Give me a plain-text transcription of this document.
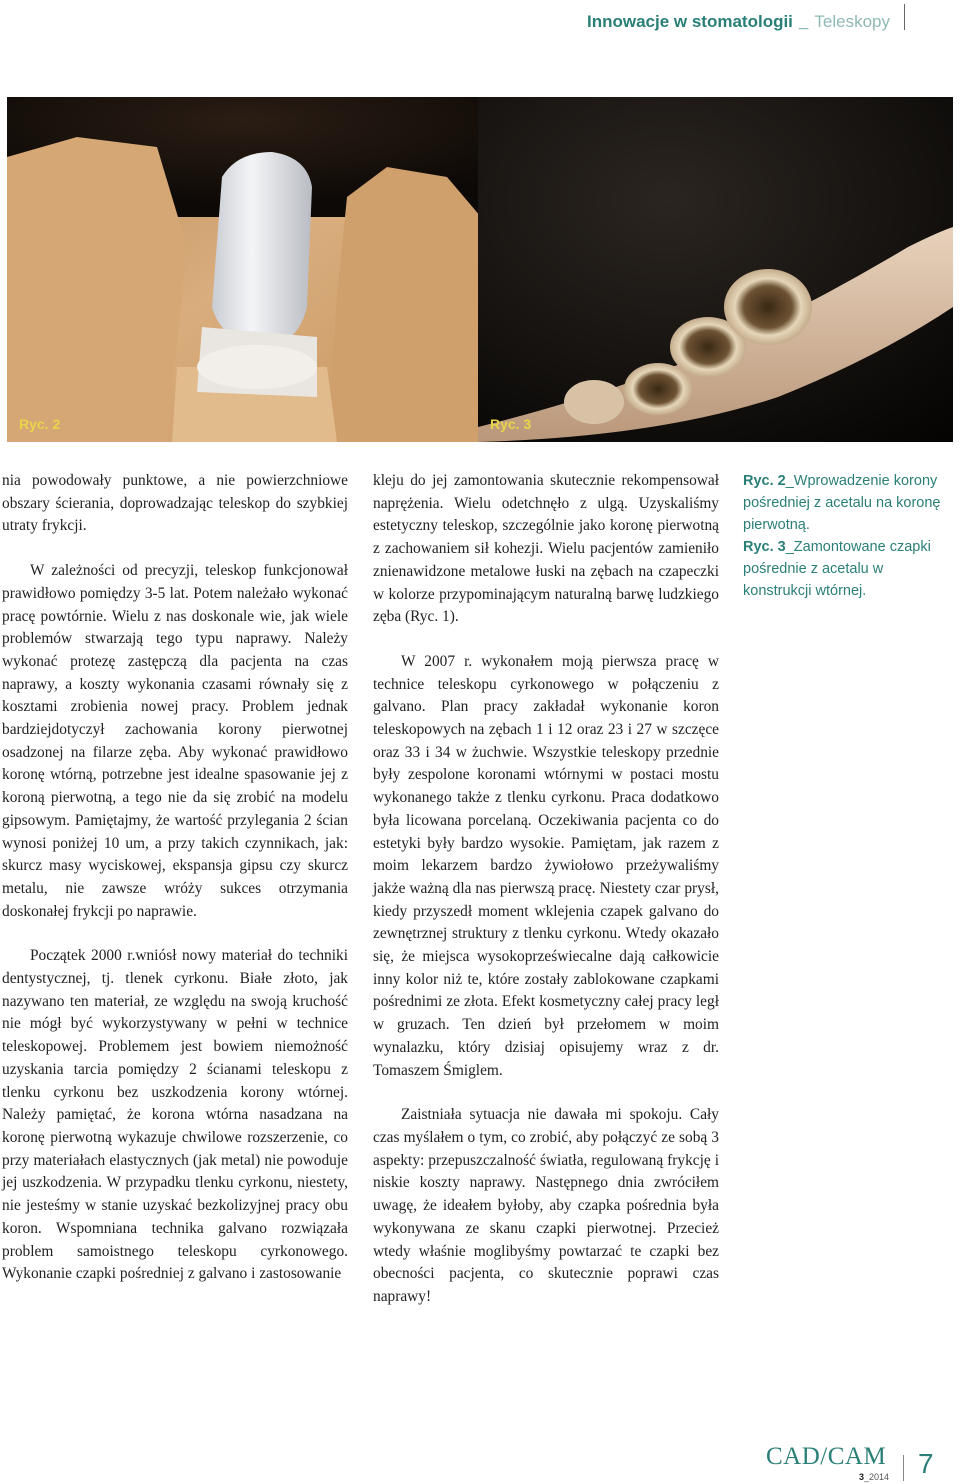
Innowacje w stomatologii _ Teleskopy
Ryc. 2	Ryc. 3

nia powodowały punktowe, a nie powierzchniowe obszary ścierania, doprowadzając teleskop do szybkiej utraty frykcji.

W zależności od precyzji, teleskop funkcjonował prawidłowo pomiędzy 3-5 lat. Potem należało wykonać pracę powtórnie. Wielu z nas doskonale wie, jak wiele problemów stwarzają tego typu naprawy. Należy wykonać protezę zastępczą dla pacjenta na czas naprawy, a koszty wykonania czasami równały się z kosztami zrobienia nowej pracy. Problem jednak bardziejdotyczył zachowania korony pierwotnej osadzonej na filarze zęba. Aby wykonać prawidłowo koronę wtórną, potrzebne jest idealne spasowanie jej z koroną pierwotną, a tego nie da się zrobić na modelu gipsowym. Pamiętajmy, że wartość przylegania 2 ścian wynosi poniżej 10 um, a przy takich czynnikach, jak: skurcz masy wyciskowej, ekspansja gipsu czy skurcz metalu, nie zawsze wróży sukces otrzymania doskonałej frykcji po naprawie.

Początek 2000 r.wniósł nowy materiał do techniki dentystycznej, tj. tlenek cyrkonu. Białe złoto, jak nazywano ten materiał, ze względu na swoją kruchość nie mógł być wykorzystywany w pełni w technice teleskopowej. Problemem jest bowiem niemożność uzyskania tarcia pomiędzy 2 ścianami teleskopu z tlenku cyrkonu bez uszkodzenia korony wtórnej. Należy pamiętać, że korona wtórna nasadzana na koronę pierwotną wykazuje chwilowe rozszerzenie, co przy materiałach elastycznych (jak metal) nie powoduje jej uszkodzenia. W przypadku tlenku cyrkonu, niestety, nie jesteśmy w stanie uzyskać bezkolizyjnej pracy obu koron. Wspomniana technika galvano rozwiązała problem samoistnego teleskopu cyrkonowego. Wykonanie czapki pośredniej z galvano i zastosowanie

kleju do jej zamontowania skutecznie rekompensował naprężenia. Wielu odetchnęło z ulgą. Uzyskaliśmy estetyczny teleskop, szczególnie jako koronę pierwotną z zachowaniem sił kohezji. Wielu pacjentów zamieniło znienawidzone metalowe łuski na zębach na czapeczki w kolorze przypominającym naturalną barwę ludzkiego zęba (Ryc. 1).

W 2007 r. wykonałem moją pierwsza pracę w technice teleskopu cyrkonowego w połączeniu z galvano. Plan pracy zakładał wykonanie koron teleskopowych na zębach 1 i 12 oraz 23 i 27 w szczęce oraz 33 i 34 w żuchwie. Wszystkie teleskopy przednie były zespolone koronami wtórnymi w postaci mostu wykonanego także z tlenku cyrkonu. Praca dodatkowo była licowana porcelaną. Oczekiwania pacjenta co do estetyki były bardzo wysokie. Pamiętam, jak razem z moim lekarzem bardzo żywiołowo przeżywaliśmy jakże ważną dla nas pierwszą pracę. Niestety czar prysł, kiedy przyszedł moment wklejenia czapek galvano do zewnętrznej struktury z tlenku cyrkonu. Wtedy okazało się, że miejsca wysokoprzeświecalne dają całkowicie inny kolor niż te, które zostały zablokowane czapkami pośrednimi ze złota. Efekt kosmetyczny całej pracy legł w gruzach. Ten dzień był przełomem w moim wynalazku, który dzisiaj opisujemy wraz z dr. Tomaszem Śmiglem.

Zaistniała sytuacja nie dawała mi spokoju. Cały czas myślałem o tym, co zrobić, aby połączyć ze sobą 3 aspekty: przepuszczalność światła, regulowaną frykcję i niskie koszty naprawy. Następnego dnia zwróciłem uwagę, że ideałem byłoby, aby czapka pośrednia była wykonywana ze skanu czapki pierwotnej. Przecież wtedy właśnie moglibyśmy powtarzać te czapki bez obecności pacjenta, co skutecznie poprawi czas naprawy!

Ryc. 2_Wprowadzenie korony pośredniej z acetalu na koronę pierwotną.
Ryc. 3_Zamontowane czapki pośrednie z acetalu w konstrukcji wtórnej.
CAD/CAM
3_2014 7
